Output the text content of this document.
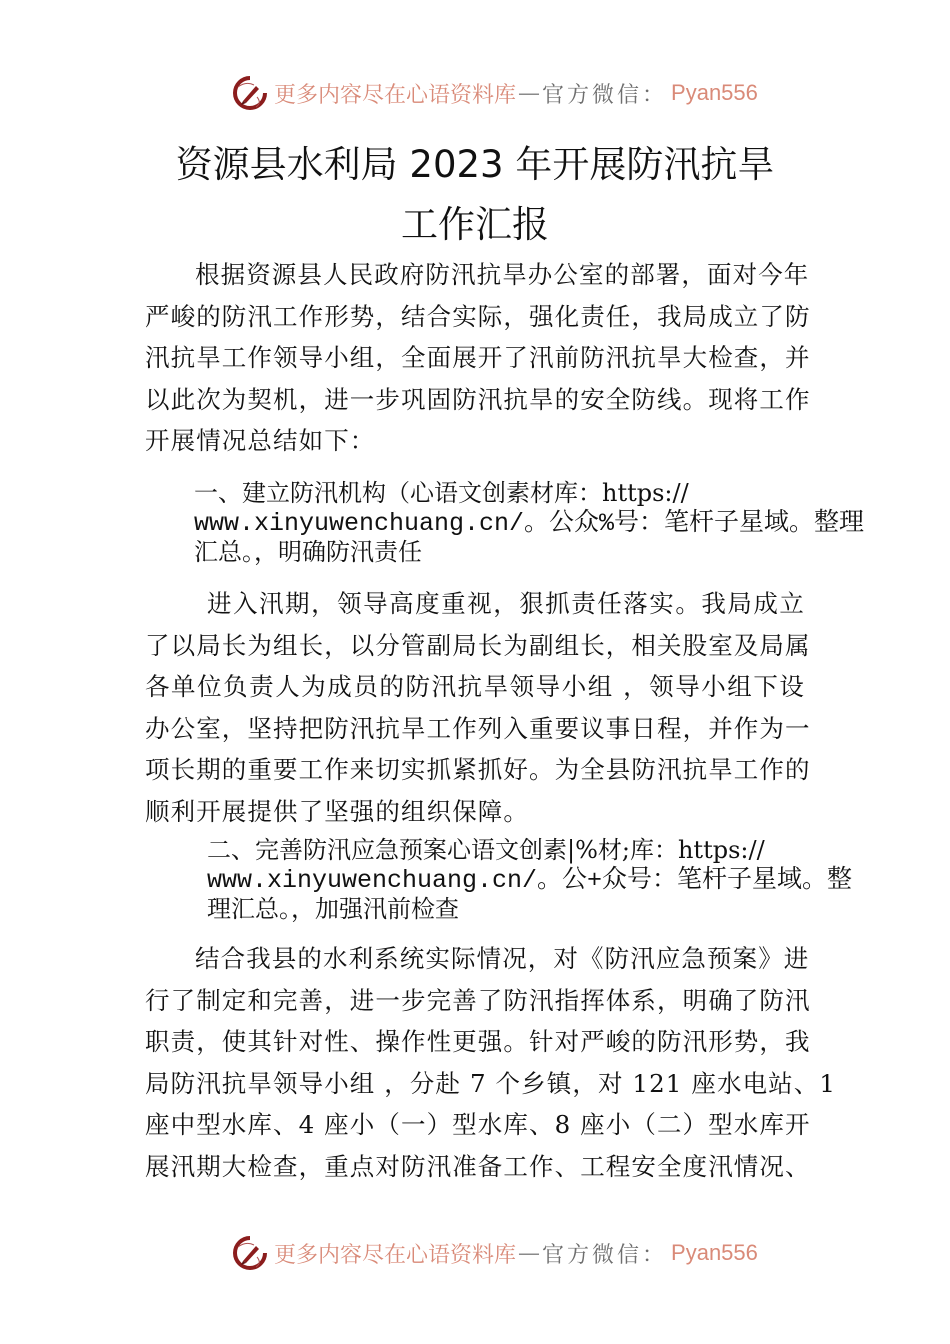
更多内容尽在心语资料库 — 官方微信： Pyan556
资源县水利局 2023 年开展防汛抗旱
工作汇报
根据资源县人民政府防汛抗旱办公室的部署，面对今年
严峻的防汛工作形势，结合实际，强化责任，我局成立了防
汛抗旱工作领导小组，全面展开了汛前防汛抗旱大检查，并
以此次为契机，进一步巩固防汛抗旱的安全防线。现将工作
开展情况总结如下：
一、建立防汛机构（心语文创素材库：https://
www.xinyuwenchuang.cn/。公众%号：笔杆子星域。整理
汇总。，明确防汛责任
进入汛期，领导高度重视，狠抓责任落实。我局成立
了以局长为组长，以分管副局长为副组长，相关股室及局属
各单位负责人为成员的防汛抗旱领导小组 ，领导小组下设
办公室，坚持把防汛抗旱工作列入重要议事日程，并作为一
项长期的重要工作来切实抓紧抓好。为全县防汛抗旱工作的
顺利开展提供了坚强的组织保障。
二、完善防汛应急预案心语文创素|%材;库：https://
www.xinyuwenchuang.cn/。公+众号：笔杆子星域。整
理汇总。，加强汛前检查
结合我县的水利系统实际情况，对《防汛应急预案》进
行了制定和完善，进一步完善了防汛指挥体系，明确了防汛
职责，使其针对性、操作性更强。针对严峻的防汛形势，我
局防汛抗旱领导小组 ，分赴 7 个乡镇，对 121 座水电站、1
座中型水库、4 座小（一）型水库、8 座小（二）型水库开
展汛期大检查，重点对防汛准备工作、工程安全度汛情况、
更多内容尽在心语资料库 — 官方微信： Pyan556
